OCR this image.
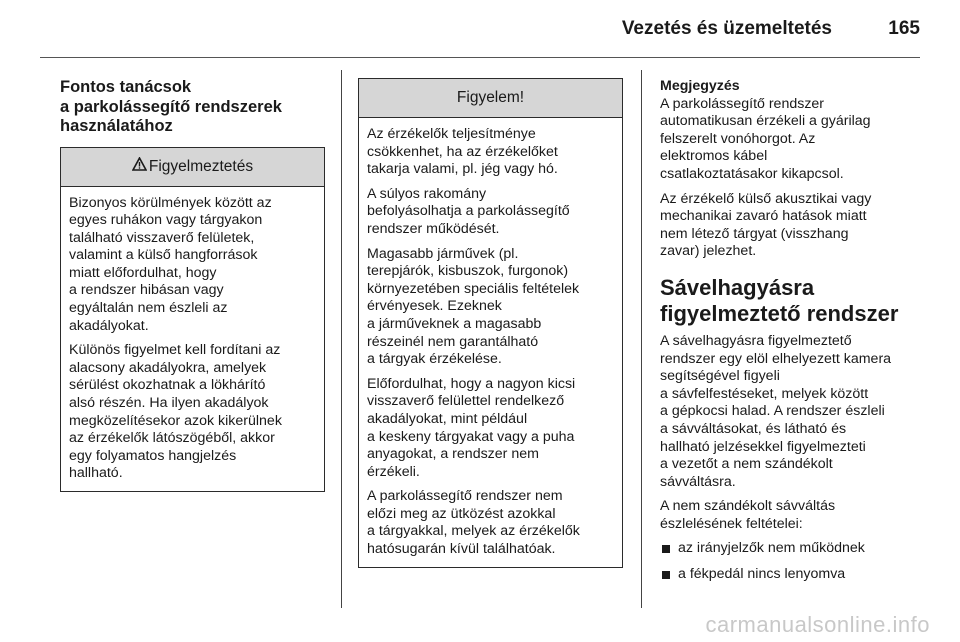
Vezetés és üzemeltetés	165
Fontos tanácsok
a parkolássegítő rendszerek
használatához
Figyelmeztetés

Bizonyos körülmények között az
egyes ruhákon vagy tárgyakon
található visszaverő felületek,
valamint a külső hangforrások
miatt előfordulhat, hogy
a rendszer hibásan vagy
egyáltalán nem észleli az
akadályokat.

Különös figyelmet kell fordítani az
alacsony akadályokra, amelyek
sérülést okozhatnak a lökhárító
alsó részén. Ha ilyen akadályok
megközelítésekor azok kikerülnek
az érzékelők látószögéből, akkor
egy folyamatos hangjelzés
hallható.

Figyelem!

Az érzékelők teljesítménye
csökkenhet, ha az érzékelőket
takarja valami, pl. jég vagy hó.

A súlyos rakomány
befolyásolhatja a parkolássegítő
rendszer működését.

Magasabb járművek (pl.
terepjárók, kisbuszok, furgonok)
környezetében speciális feltételek
érvényesek. Ezeknek
a járműveknek a magasabb
részeinél nem garantálható
a tárgyak érzékelése.

Előfordulhat, hogy a nagyon kicsi
visszaverő felülettel rendelkező
akadályokat, mint például
a keskeny tárgyakat vagy a puha
anyagokat, a rendszer nem
érzékeli.

A parkolássegítő rendszer nem
előzi meg az ütközést azokkal
a tárgyakkal, melyek az érzékelők
hatósugarán kívül találhatóak.

Megjegyzés

A parkolássegítő rendszer
automatikusan érzékeli a gyárilag
felszerelt vonóhorgot. Az
elektromos kábel
csatlakoztatásakor kikapcsol.

Az érzékelő külső akusztikai vagy
mechanikai zavaró hatások miatt
nem létező tárgyat (visszhang
zavar) jelezhet.

Sávelhagyásra
figyelmeztető rendszer

A sávelhagyásra figyelmeztető
rendszer egy elöl elhelyezett kamera
segítségével figyeli
a sávfelfestéseket, melyek között
a gépkocsi halad. A rendszer észleli
a sávváltásokat, és látható és
hallható jelzésekkel figyelmezteti
a vezetőt a nem szándékolt
sávváltásra.

A nem szándékolt sávváltás
észlelésének feltételei:

az irányjelzők nem működnek
a fékpedál nincs lenyomva
carmanualsonline.info
